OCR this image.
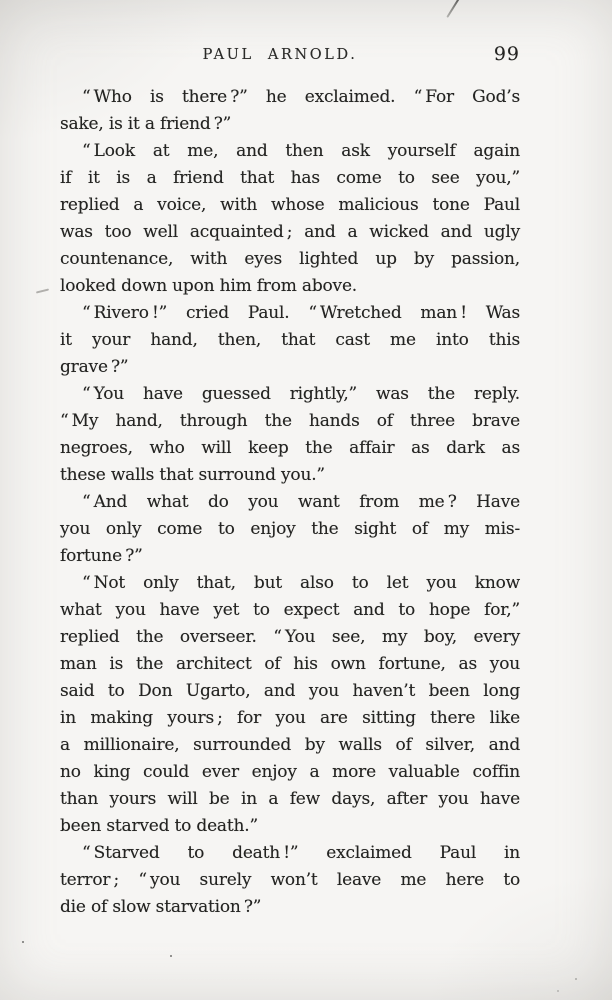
PAUL ARNOLD.	99
“ Who is there ?” he exclaimed. “ For God’s
sake, is it a friend ?”
“ Look at me, and then ask yourself again
if it is a friend that has come to see you,”
replied a voice, with whose malicious tone Paul
was too well acquainted ; and a wicked and ugly
countenance, with eyes lighted up by passion,
looked down upon him from above.
“ Rivero !” cried Paul. “ Wretched man ! Was
it your hand, then, that cast me into this
grave ?”
“ You have guessed rightly,” was the reply.
“ My hand, through the hands of three brave
negroes, who will keep the affair as dark as
these walls that surround you.”
“ And what do you want from me ? Have
you only come to enjoy the sight of my mis-
fortune ?”
“ Not only that, but also to let you know
what you have yet to expect and to hope for,”
replied the overseer. “ You see, my boy, every
man is the architect of his own fortune, as you
said to Don Ugarto, and you haven’t been long
in making yours ; for you are sitting there like
a millionaire, surrounded by walls of silver, and
no king could ever enjoy a more valuable coffin
than yours will be in a few days, after you have
been starved to death.”
“ Starved to death !” exclaimed Paul in
terror ; “ you surely won’t leave me here to
die of slow starvation ?”
